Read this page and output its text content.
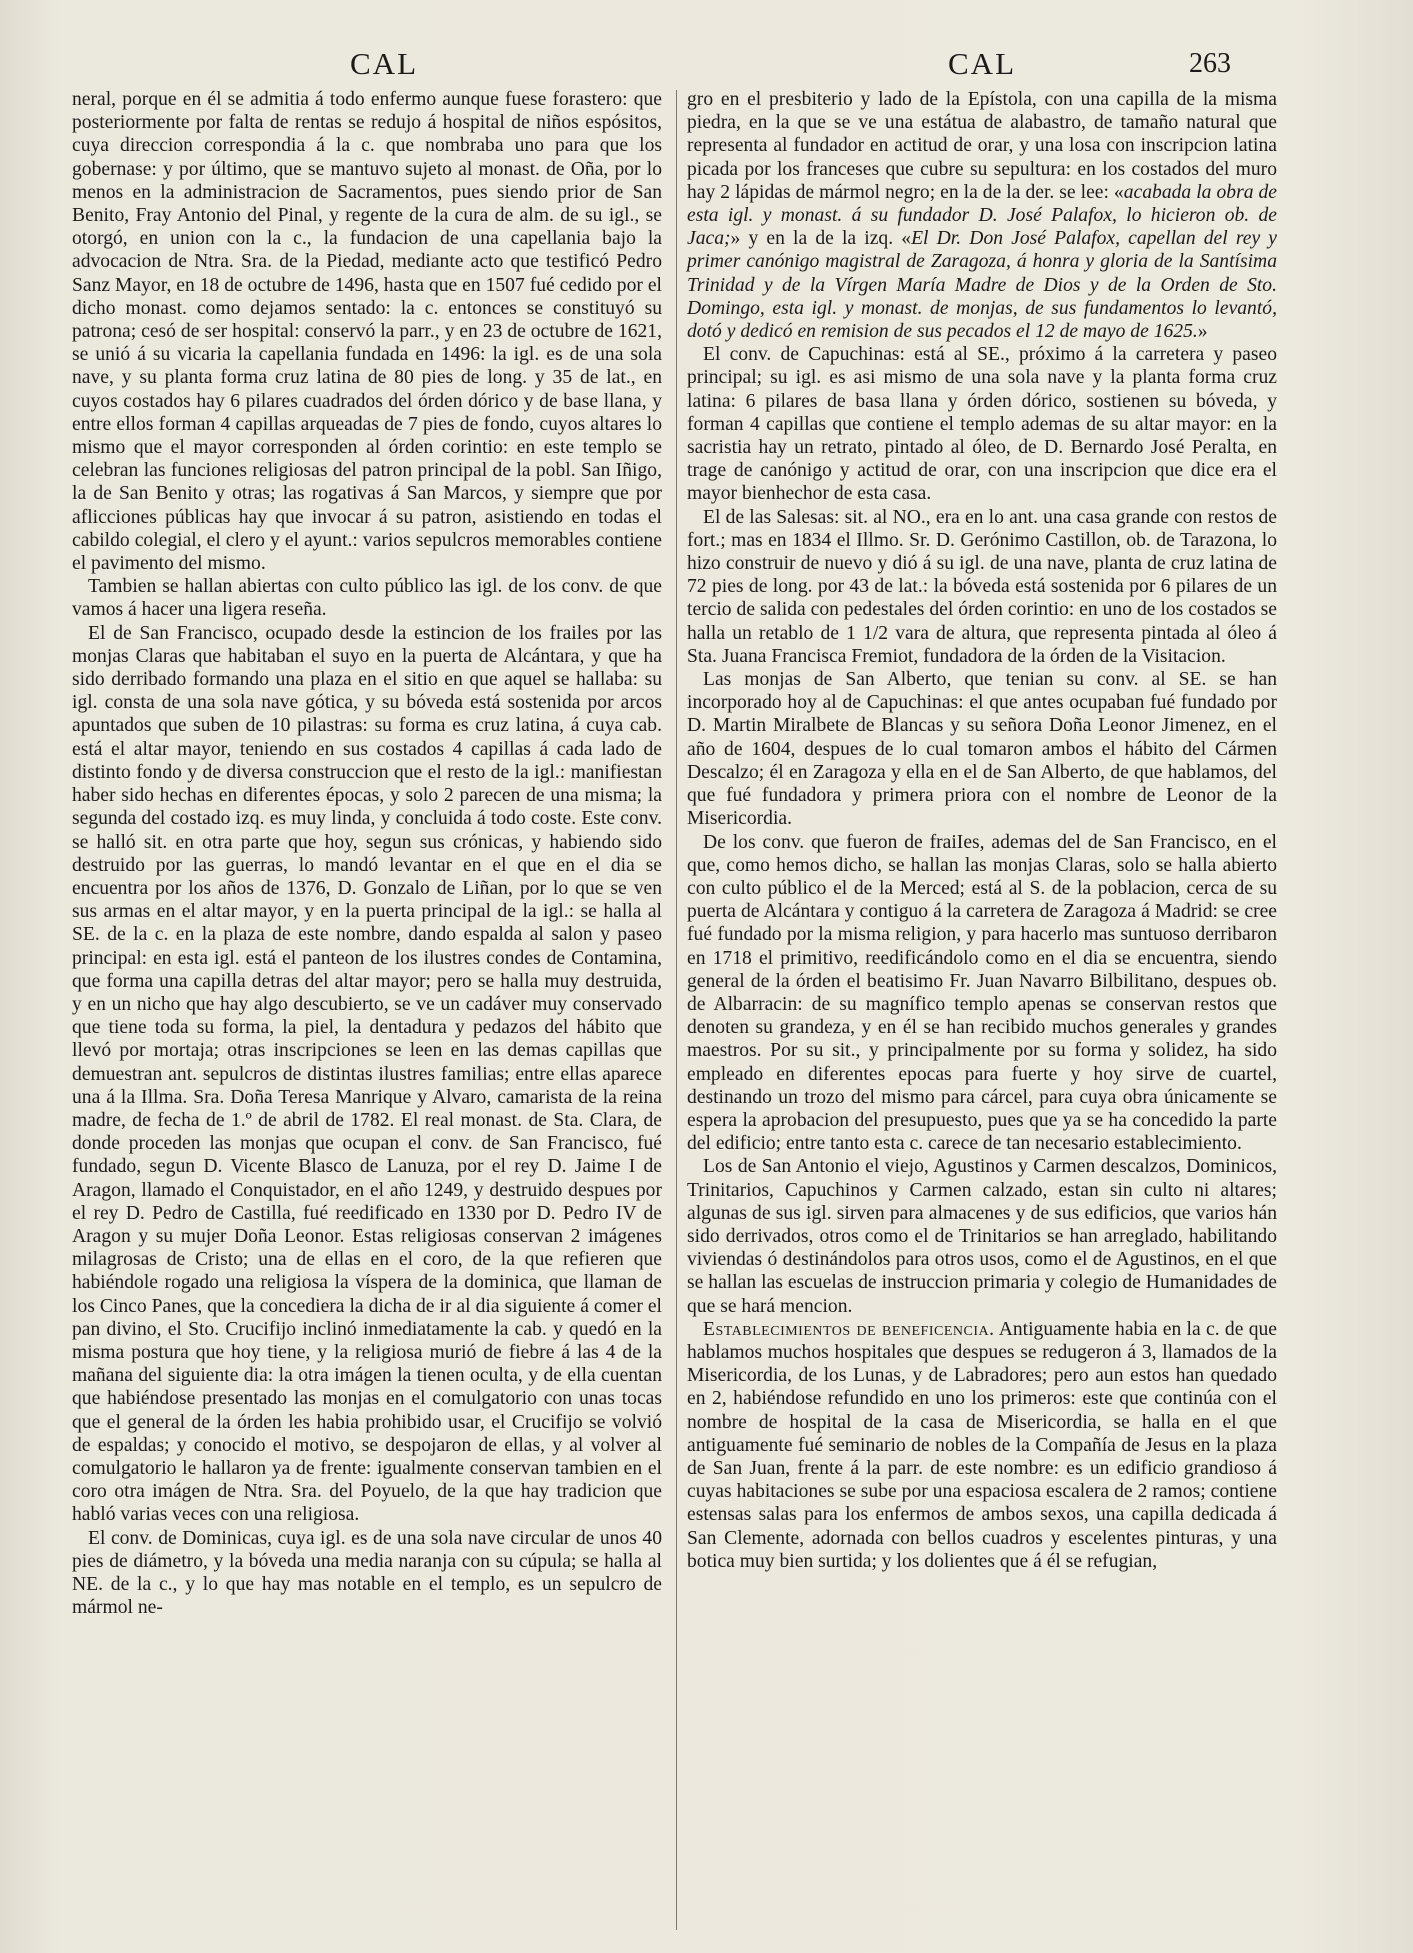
CAL	CAL	263

neral, porque en él se admitia á todo enfermo aunque fuese forastero: que posteriormente por falta de rentas se redujo á hospital de niños espósitos, cuya direccion correspondia á la c. que nombraba uno para que los gobernase: y por último, que se mantuvo sujeto al monast. de Oña, por lo menos en la administracion de Sacramentos, pues siendo prior de San Benito, Fray Antonio del Pinal, y regente de la cura de alm. de su igl., se otorgó, en union con la c., la fundacion de una capellania bajo la advocacion de Ntra. Sra. de la Piedad, mediante acto que testificó Pedro Sanz Mayor, en 18 de octubre de 1496, hasta que en 1507 fué cedido por el dicho monast. como dejamos sentado: la c. entonces se constituyó su patrona; cesó de ser hospital: conservó la parr., y en 23 de octubre de 1621, se unió á su vicaria la capellania fundada en 1496: la igl. es de una sola nave, y su planta forma cruz latina de 80 pies de long. y 35 de lat., en cuyos costados hay 6 pilares cuadrados del órden dórico y de base llana, y entre ellos forman 4 capillas arqueadas de 7 pies de fondo, cuyos altares lo mismo que el mayor corresponden al órden corintio: en este templo se celebran las funciones religiosas del patron principal de la pobl. San Iñigo, la de San Benito y otras; las rogativas á San Marcos, y siempre que por aflicciones públicas hay que invocar á su patron, asistiendo en todas el cabildo colegial, el clero y el ayunt.: varios sepulcros memorables contiene el pavimento del mismo.

Tambien se hallan abiertas con culto público las igl. de los conv. de que vamos á hacer una ligera reseña.

El de San Francisco, ocupado desde la estincion de los frailes por las monjas Claras que habitaban el suyo en la puerta de Alcántara, y que ha sido derribado formando una plaza en el sitio en que aquel se hallaba: su igl. consta de una sola nave gótica, y su bóveda está sostenida por arcos apuntados que suben de 10 pilastras: su forma es cruz latina, á cuya cab. está el altar mayor, teniendo en sus costados 4 capillas á cada lado de distinto fondo y de diversa construccion que el resto de la igl.: manifiestan haber sido hechas en diferentes épocas, y solo 2 parecen de una misma; la segunda del costado izq. es muy linda, y concluida á todo coste. Este conv. se halló sit. en otra parte que hoy, segun sus crónicas, y habiendo sido destruido por las guerras, lo mandó levantar en el que en el dia se encuentra por los años de 1376, D. Gonzalo de Liñan, por lo que se ven sus armas en el altar mayor, y en la puerta principal de la igl.: se halla al SE. de la c. en la plaza de este nombre, dando espalda al salon y paseo principal: en esta igl. está el panteon de los ilustres condes de Contamina, que forma una capilla detras del altar mayor; pero se halla muy destruida, y en un nicho que hay algo descubierto, se ve un cadáver muy conservado que tiene toda su forma, la piel, la dentadura y pedazos del hábito que llevó por mortaja; otras inscripciones se leen en las demas capillas que demuestran ant. sepulcros de distintas ilustres familias; entre ellas aparece una á la Illma. Sra. Doña Teresa Manrique y Alvaro, camarista de la reina madre, de fecha de 1.º de abril de 1782. El real monast. de Sta. Clara, de donde proceden las monjas que ocupan el conv. de San Francisco, fué fundado, segun D. Vicente Blasco de Lanuza, por el rey D. Jaime I de Aragon, llamado el Conquistador, en el año 1249, y destruido despues por el rey D. Pedro de Castilla, fué reedificado en 1330 por D. Pedro IV de Aragon y su mujer Doña Leonor. Estas religiosas conservan 2 imágenes milagrosas de Cristo; una de ellas en el coro, de la que refieren que habiéndole rogado una religiosa la víspera de la dominica, que llaman de los Cinco Panes, que la concediera la dicha de ir al dia siguiente á comer el pan divino, el Sto. Crucifijo inclinó inmediatamente la cab. y quedó en la misma postura que hoy tiene, y la religiosa murió de fiebre á las 4 de la mañana del siguiente dia: la otra imágen la tienen oculta, y de ella cuentan que habiéndose presentado las monjas en el comulgatorio con unas tocas que el general de la órden les habia prohibido usar, el Crucifijo se volvió de espaldas; y conocido el motivo, se despojaron de ellas, y al volver al comulgatorio le hallaron ya de frente: igualmente conservan tambien en el coro otra imágen de Ntra. Sra. del Poyuelo, de la que hay tradicion que habló varias veces con una religiosa.

El conv. de Dominicas, cuya igl. es de una sola nave circular de unos 40 pies de diámetro, y la bóveda una media naranja con su cúpula; se halla al NE. de la c., y lo que hay mas notable en el templo, es un sepulcro de mármol ne-

gro en el presbiterio y lado de la Epístola, con una capilla de la misma piedra, en la que se ve una estátua de alabastro, de tamaño natural que representa al fundador en actitud de orar, y una losa con inscripcion latina picada por los franceses que cubre su sepultura: en los costados del muro hay 2 lápidas de mármol negro; en la de la der. se lee: «acabada la obra de esta igl. y monast. á su fundador D. José Palafox, lo hicieron ob. de Jaca;» y en la de la izq. «El Dr. Don José Palafox, capellan del rey y primer canónigo magistral de Zaragoza, á honra y gloria de la Santísima Trinidad y de la Vírgen María Madre de Dios y de la Orden de Sto. Domingo, esta igl. y monast. de monjas, de sus fundamentos lo levantó, dotó y dedicó en remision de sus pecados el 12 de mayo de 1625.»

El conv. de Capuchinas: está al SE., próximo á la carretera y paseo principal; su igl. es asi mismo de una sola nave y la planta forma cruz latina: 6 pilares de basa llana y órden dórico, sostienen su bóveda, y forman 4 capillas que contiene el templo ademas de su altar mayor: en la sacristia hay un retrato, pintado al óleo, de D. Bernardo José Peralta, en trage de canónigo y actitud de orar, con una inscripcion que dice era el mayor bienhechor de esta casa.

El de las Salesas: sit. al NO., era en lo ant. una casa grande con restos de fort.; mas en 1834 el Illmo. Sr. D. Gerónimo Castillon, ob. de Tarazona, lo hizo construir de nuevo y dió á su igl. de una nave, planta de cruz latina de 72 pies de long. por 43 de lat.: la bóveda está sostenida por 6 pilares de un tercio de salida con pedestales del órden corintio: en uno de los costados se halla un retablo de 1 1/2 vara de altura, que representa pintada al óleo á Sta. Juana Francisca Fremiot, fundadora de la órden de la Visitacion.

Las monjas de San Alberto, que tenian su conv. al SE. se han incorporado hoy al de Capuchinas: el que antes ocupaban fué fundado por D. Martin Miralbete de Blancas y su señora Doña Leonor Jimenez, en el año de 1604, despues de lo cual tomaron ambos el hábito del Cármen Descalzo; él en Zaragoza y ella en el de San Alberto, de que hablamos, del que fué fundadora y primera priora con el nombre de Leonor de la Misericordia.

De los conv. que fueron de fraiIes, ademas del de San Francisco, en el que, como hemos dicho, se hallan las monjas Claras, solo se halla abierto con culto público el de la Merced; está al S. de la poblacion, cerca de su puerta de Alcántara y contiguo á la carretera de Zaragoza á Madrid: se cree fué fundado por la misma religion, y para hacerlo mas suntuoso derribaron en 1718 el primitivo, reedificándolo como en el dia se encuentra, siendo general de la órden el beatisimo Fr. Juan Navarro Bilbilitano, despues ob. de Albarracin: de su magnífico templo apenas se conservan restos que denoten su grandeza, y en él se han recibido muchos generales y grandes maestros. Por su sit., y principalmente por su forma y solidez, ha sido empleado en diferentes epocas para fuerte y hoy sirve de cuartel, destinando un trozo del mismo para cárcel, para cuya obra únicamente se espera la aprobacion del presupuesto, pues que ya se ha concedido la parte del edificio; entre tanto esta c. carece de tan necesario establecimiento.

Los de San Antonio el viejo, Agustinos y Carmen descalzos, Dominicos, Trinitarios, Capuchinos y Carmen calzado, estan sin culto ni altares; algunas de sus igl. sirven para almacenes y de sus edificios, que varios hán sido derrivados, otros como el de Trinitarios se han arreglado, habilitando viviendas ó destinándolos para otros usos, como el de Agustinos, en el que se hallan las escuelas de instruccion primaria y colegio de Humanidades de que se hará mencion.

Establecimientos de beneficencia. Antiguamente habia en la c. de que hablamos muchos hospitales que despues se redugeron á 3, llamados de la Misericordia, de los Lunas, y de Labradores; pero aun estos han quedado en 2, habiéndose refundido en uno los primeros: este que continúa con el nombre de hospital de la casa de Misericordia, se halla en el que antiguamente fué seminario de nobles de la Compañía de Jesus en la plaza de San Juan, frente á la parr. de este nombre: es un edificio grandioso á cuyas habitaciones se sube por una espaciosa escalera de 2 ramos; contiene estensas salas para los enfermos de ambos sexos, una capilla dedicada á San Clemente, adornada con bellos cuadros y escelentes pinturas, y una botica muy bien surtida; y los dolientes que á él se refugian,
